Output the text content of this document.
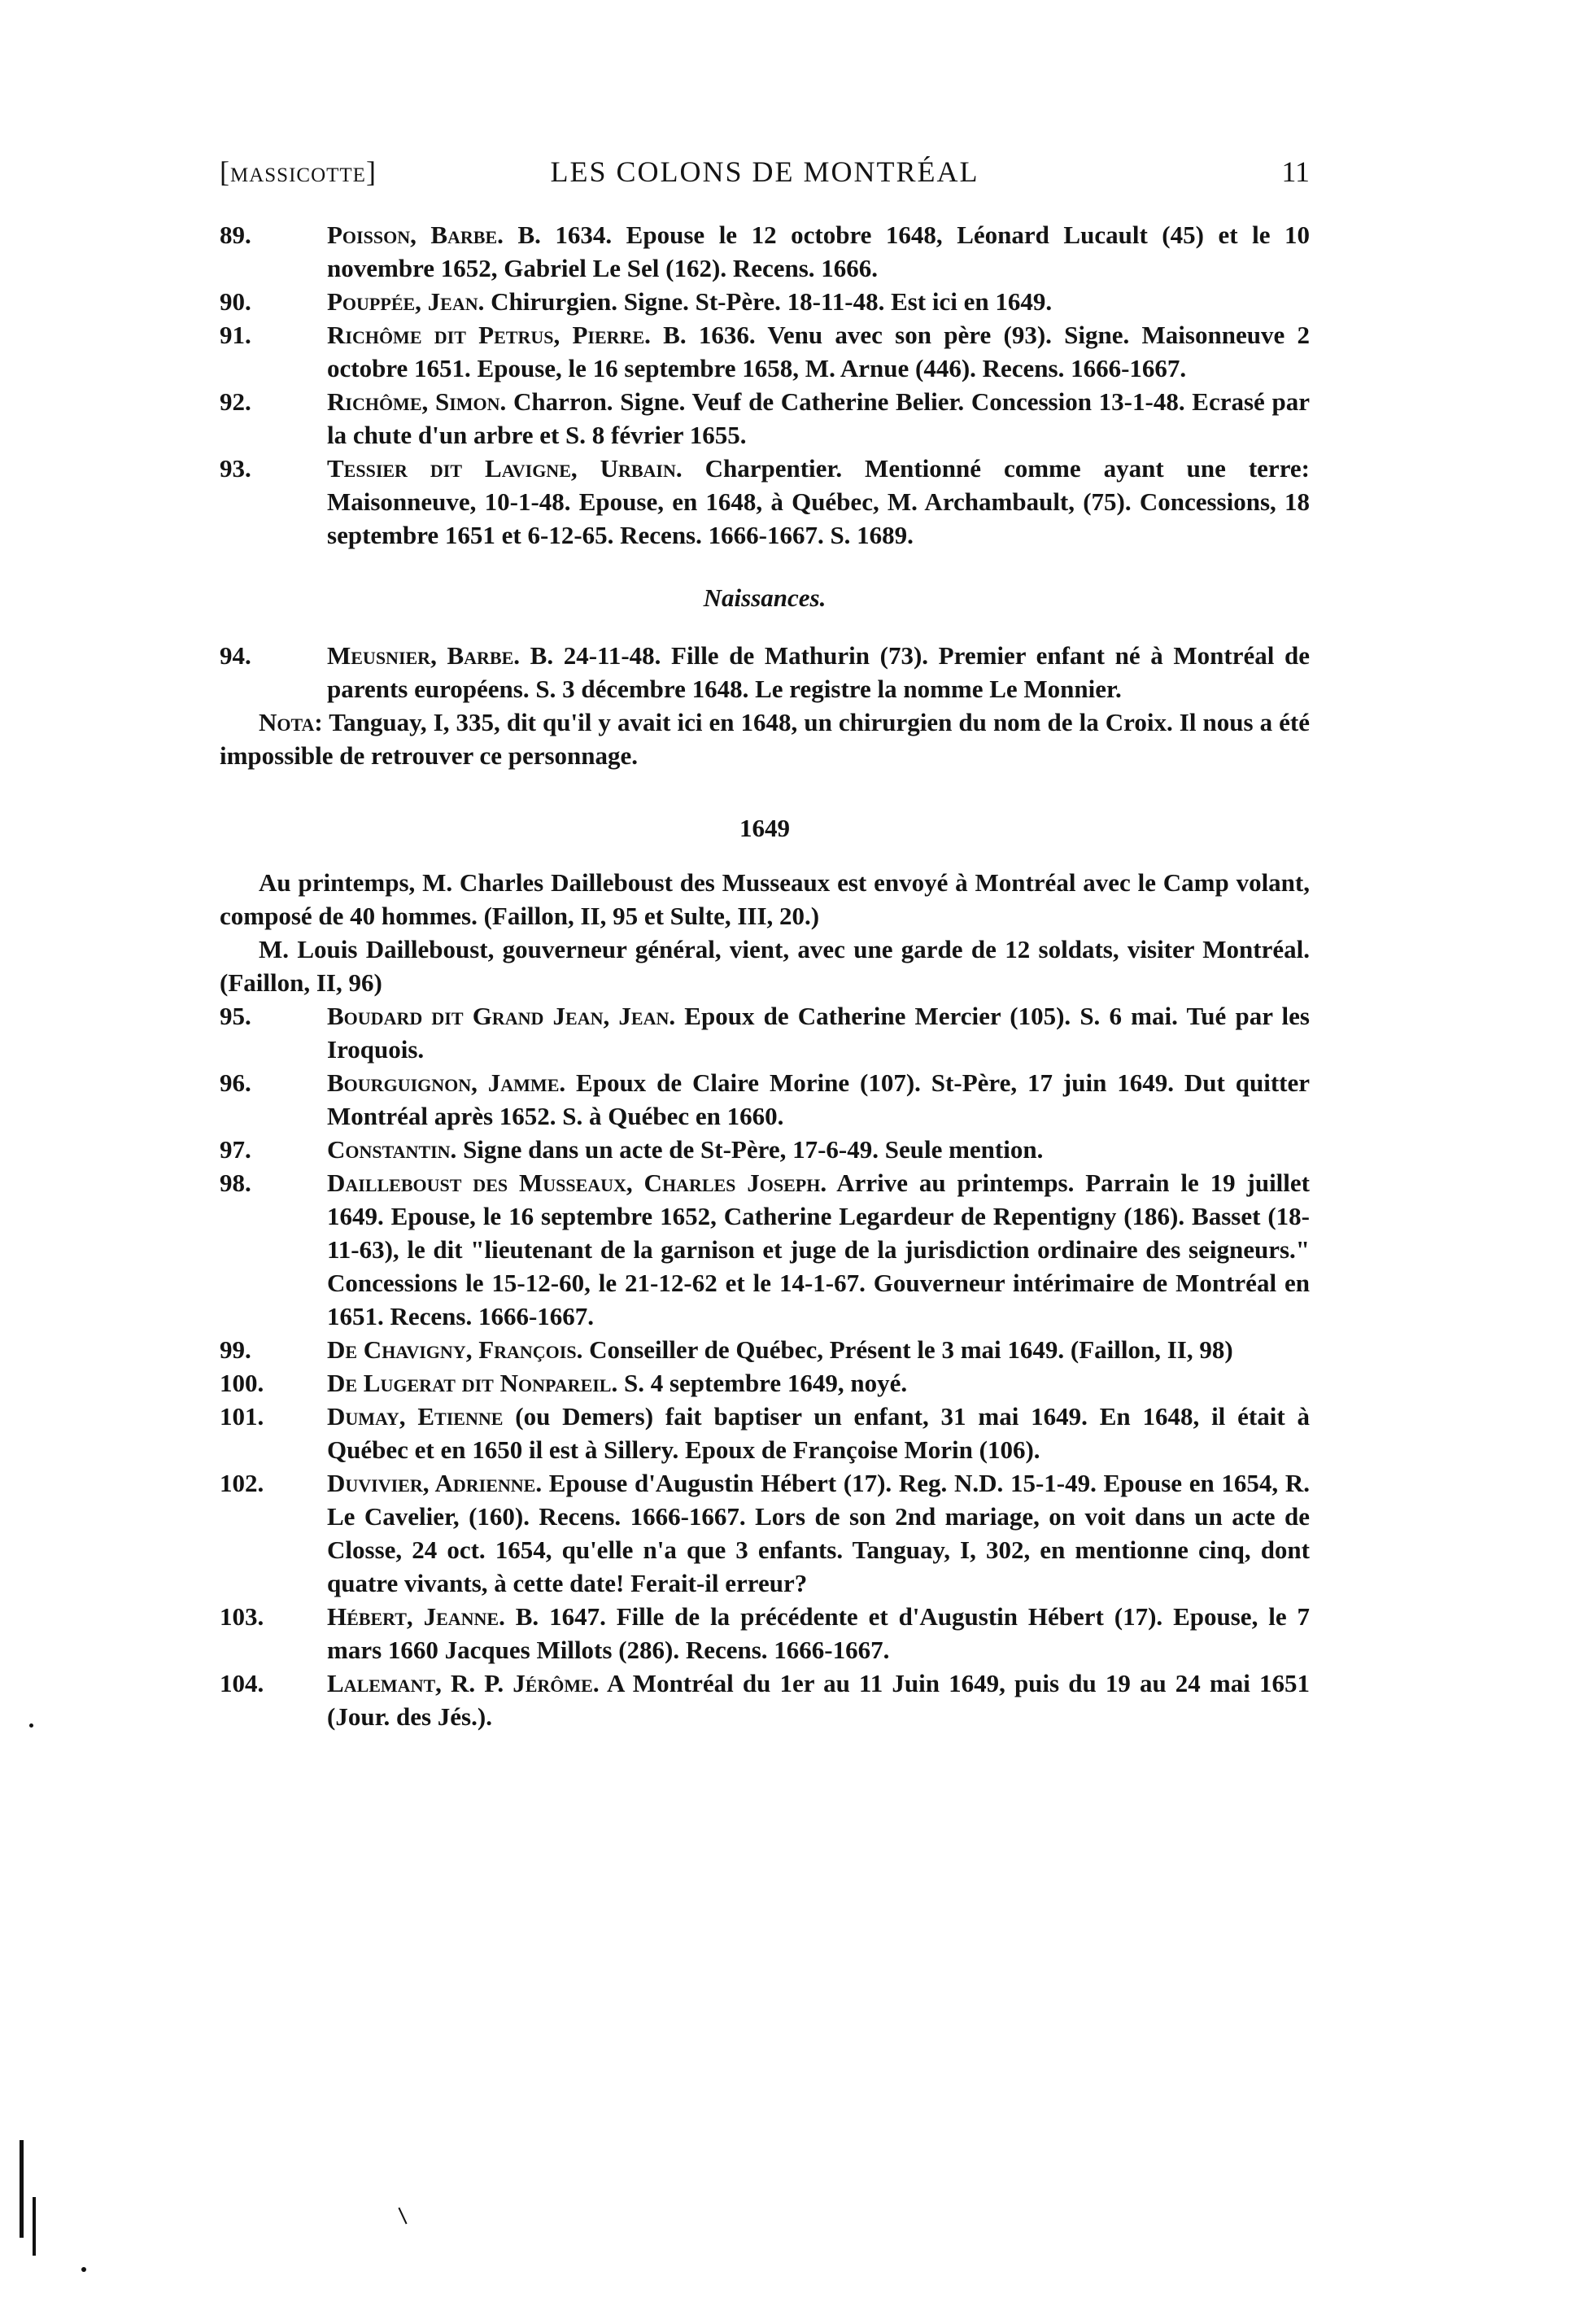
[massicotte]	LES COLONS DE MONTRÉAL	11
89.	Poisson, Barbe. B. 1634. Epouse le 12 octobre 1648, Léonard Lucault (45) et le 10 novembre 1652, Gabriel Le Sel (162). Recens. 1666.
90.	Pouppée, Jean. Chirurgien. Signe. St-Père. 18-11-48. Est ici en 1649.
91.	Richôme dit Petrus, Pierre. B. 1636. Venu avec son père (93). Signe. Maisonneuve 2 octobre 1651. Epouse, le 16 septembre 1658, M. Arnue (446). Recens. 1666-1667.
92.	Richôme, Simon. Charron. Signe. Veuf de Catherine Belier. Concession 13-1-48. Ecrasé par la chute d'un arbre et S. 8 février 1655.
93.	Tessier dit Lavigne, Urbain. Charpentier. Mentionné comme ayant une terre: Maisonneuve, 10-1-48. Epouse, en 1648, à Québec, M. Archambault, (75). Concessions, 18 septembre 1651 et 6-12-65. Recens. 1666-1667. S. 1689.
Naissances.
94.	Meusnier, Barbe. B. 24-11-48. Fille de Mathurin (73). Premier enfant né à Montréal de parents européens. S. 3 décembre 1648. Le registre la nomme Le Monnier.
Nota: Tanguay, I, 335, dit qu'il y avait ici en 1648, un chirurgien du nom de la Croix. Il nous a été impossible de retrouver ce personnage.
1649
Au printemps, M. Charles Dailleboust des Musseaux est envoyé à Montréal avec le Camp volant, composé de 40 hommes. (Faillon, II, 95 et Sulte, III, 20.)
M. Louis Dailleboust, gouverneur général, vient, avec une garde de 12 soldats, visiter Montréal. (Faillon, II, 96)
95.	Boudard dit Grand Jean, Jean. Epoux de Catherine Mercier (105). S. 6 mai. Tué par les Iroquois.
96.	Bourguignon, Jamme. Epoux de Claire Morine (107). St-Père, 17 juin 1649. Dut quitter Montréal après 1652. S. à Québec en 1660.
97.	Constantin. Signe dans un acte de St-Père, 17-6-49. Seule mention.
98.	Dailleboust des Musseaux, Charles Joseph. Arrive au printemps. Parrain le 19 juillet 1649. Epouse, le 16 septembre 1652, Catherine Legardeur de Repentigny (186). Basset (18-11-63), le dit "lieutenant de la garnison et juge de la jurisdiction ordinaire des seigneurs." Concessions le 15-12-60, le 21-12-62 et le 14-1-67. Gouverneur intérimaire de Montréal en 1651. Recens. 1666-1667.
99.	De Chavigny, François. Conseiller de Québec, Présent le 3 mai 1649. (Faillon, II, 98)
100.	De Lugerat dit Nonpareil. S. 4 septembre 1649, noyé.
101.	Dumay, Etienne (ou Demers) fait baptiser un enfant, 31 mai 1649. En 1648, il était à Québec et en 1650 il est à Sillery. Epoux de Françoise Morin (106).
102.	Duvivier, Adrienne. Epouse d'Augustin Hébert (17). Reg. N.D. 15-1-49. Epouse en 1654, R. Le Cavelier, (160). Recens. 1666-1667. Lors de son 2nd mariage, on voit dans un acte de Closse, 24 oct. 1654, qu'elle n'a que 3 enfants. Tanguay, I, 302, en mentionne cinq, dont quatre vivants, à cette date! Ferait-il erreur?
103.	Hébert, Jeanne. B. 1647. Fille de la précédente et d'Augustin Hébert (17). Epouse, le 7 mars 1660 Jacques Millots (286). Recens. 1666-1667.
104.	Lalemant, R. P. Jérôme. A Montréal du 1er au 11 Juin 1649, puis du 19 au 24 mai 1651 (Jour. des Jés.).
